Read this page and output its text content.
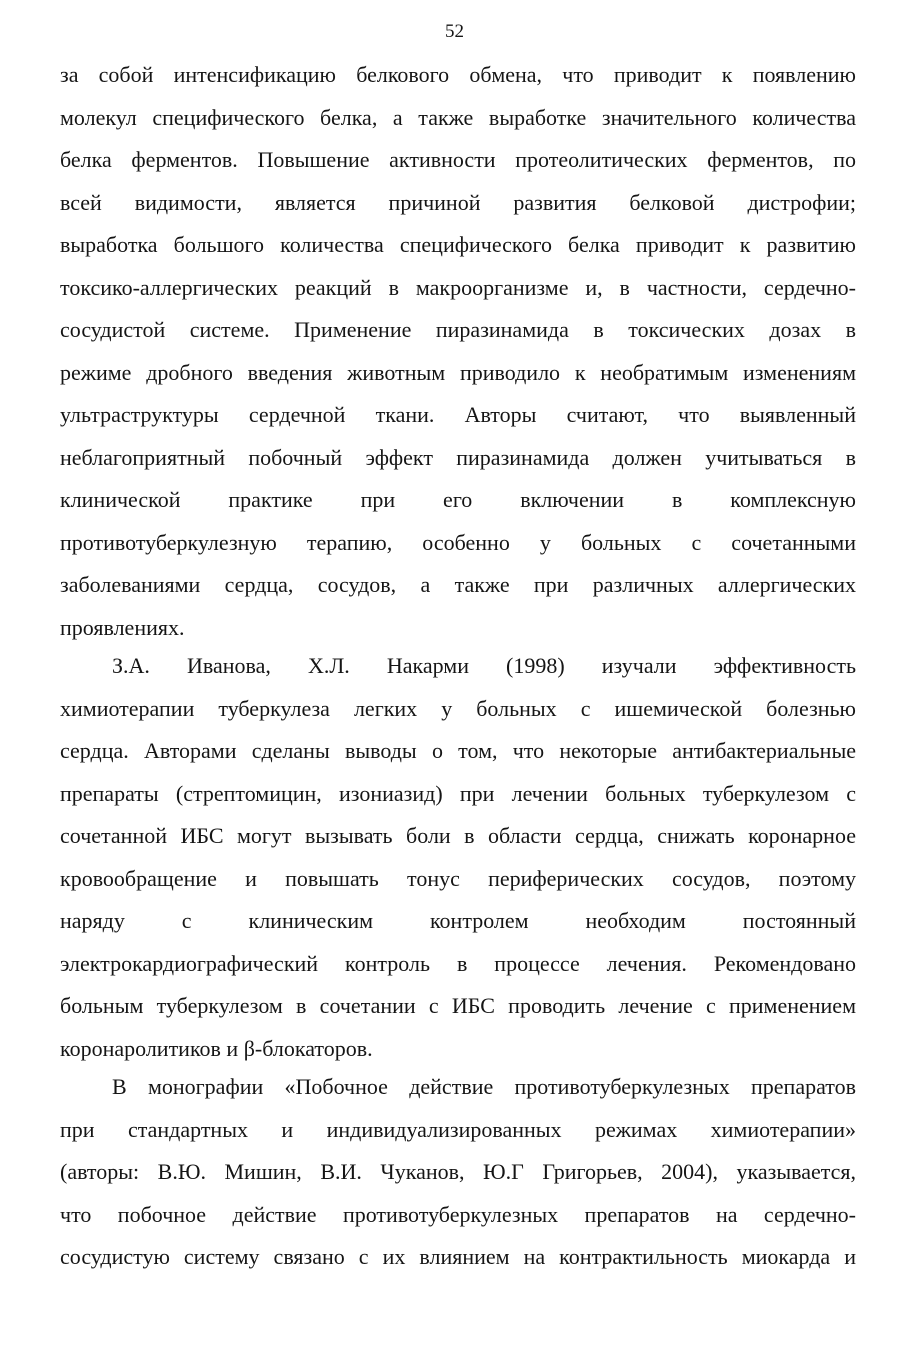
52
за собой интенсификацию белкового обмена, что приводит к появлению
молекул специфического белка, а также выработке значительного количества
белка ферментов. Повышение активности протеолитических ферментов, по
всей видимости, является причиной развития белковой дистрофии;
выработка большого количества специфического белка приводит к развитию
токсико-аллергических реакций в макроорганизме и, в частности, сердечно-
сосудистой системе. Применение пиразинамида в токсических дозах в
режиме дробного введения животным приводило к необратимым изменениям
ультраструктуры сердечной ткани. Авторы считают, что выявленный
неблагоприятный побочный эффект пиразинамида должен учитываться в
клинической практике при его включении в комплексную
противотуберкулезную терапию, особенно у больных с сочетанными
заболеваниями сердца, сосудов, а также при различных аллергических
проявлениях.
З.А. Иванова, Х.Л. Накарми (1998) изучали эффективность
химиотерапии туберкулеза легких у больных с ишемической болезнью
сердца. Авторами сделаны выводы о том, что некоторые антибактериальные
препараты (стрептомицин, изониазид) при лечении больных туберкулезом с
сочетанной ИБС могут вызывать боли в области сердца, снижать коронарное
кровообращение и повышать тонус периферических сосудов, поэтому
наряду с клиническим контролем необходим постоянный
электрокардиографический контроль в процессе лечения. Рекомендовано
больным туберкулезом в сочетании с ИБС проводить лечение с применением
коронаролитиков и β-блокаторов.
В монографии «Побочное действие противотуберкулезных препаратов
при стандартных и индивидуализированных режимах химиотерапии»
(авторы: В.Ю. Мишин, В.И. Чуканов, Ю.Г Григорьев, 2004), указывается,
что побочное действие противотуберкулезных препаратов на сердечно-
сосудистую систему связано с их влиянием на контрактильность миокарда и
